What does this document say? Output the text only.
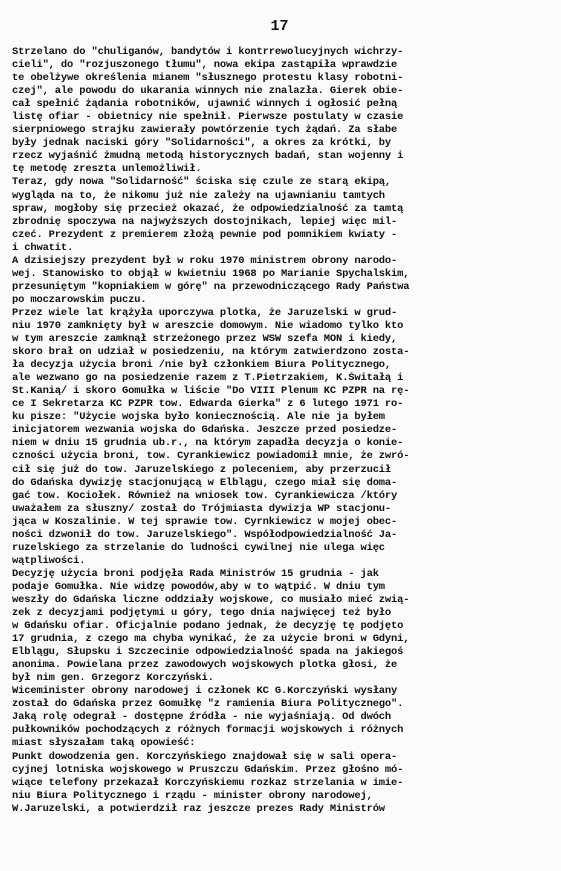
17

Strzelano do "chuliganów, bandytów i kontrrewolucyjnych wichrzy-
cieli", do "rozjuszonego tłumu", nowa ekipa zastąpiła wprawdzie
te obelżywe określenia mianem "słusznego protestu klasy robotni-
czej", ale powodu do ukarania winnych nie znalazła. Gierek obie-
cał spełnić żądania robotników, ujawnić winnych i ogłosić pełną
listę ofiar - obietnicy nie spełnił. Pierwsze postulaty w czasie
sierpniowego strajku zawierały powtórzenie tych żądań. Za słabe
były jednak naciski góry "Solidarności", a okres za krótki, by
rzecz wyjaśnić żmudną metodą historycznych badań, stan wojenny i
tę metodę zreszta unlemożliwił.

Teraz, gdy nowa "Solidarność" ściska się czule ze starą ekipą,
wygląda na to, że nikomu już nie zależy na ujawnianiu tamtych
spraw, mogłoby się przecież okazać, że odpowiedzialność za tamtą
zbrodnię spoczywa na najwyższych dostojnikach, lepiej więc mil-
czeć. Prezydent z premierem złożą pewnie pod pomnikiem kwiaty -
i chwatit.

A dzisiejszy prezydent był w roku 1970 ministrem obrony narodo-
wej. Stanowisko to objął w kwietniu 1968 po Marianie Spychalskim,
przesuniętym "kopniakiem w górę" na przewodniczącego Rady Państwa
po moczarowskim puczu.

Przez wiele lat krążyła uporczywa plotka, że Jaruzelski w grud-
niu 1970 zamknięty był w areszcie domowym. Nie wiadomo tylko kto
w tym areszcie zamknął strzeżonego przez WSW szefa MON i kiedy,
skoro brał on udział w posiedzeniu, na którym zatwierdzono zosta-
ła decyzja użycia broni /nie był członkiem Biura Politycznego,
ale wezwano go na posiedzenie razem z T.Pietrzakiem, K.Świtałą i
St.Kanią/ i skoro Gomułka w liście "Do VIII Plenum KC PZPR na rę-
ce I Sekretarza KC PZPR tow. Edwarda Gierka" z 6 lutego 1971 ro-
ku pisze: "Użycie wojska było koniecznością. Ale nie ja byłem
inicjatorem wezwania wojska do Gdańska. Jeszcze przed posiedze-
niem w dniu 15 grudnia ub.r., na którym zapadła decyzja o konie-
czności użycia broni, tow. Cyrankiewicz powiadomił mnie, że zwró-
cił się już do tow. Jaruzelskiego z poleceniem, aby przerzucił
do Gdańska dywizję stacjonującą w Elblągu, czego miał się doma-
gać tow. Kociołek. Również na wniosek tow. Cyrankiewicza /który
uważałem za słuszny/ został do Trójmiasta dywizja WP stacjonu-
jąca w Koszalinie. W tej sprawie tow. Cyrnkiewicz w mojej obec-
ności dzwonił do tow. Jaruzelskiego". Współodpowiedzialność Ja-
ruzelskiego za strzelanie do ludności cywilnej nie ulega więc
wątpliwości.

Decyzję użycia broni podjęła Rada Ministrów 15 grudnia - jak
podaje Gomułka. Nie widzę powodów,aby w to wątpić. W dniu tym
weszły do Gdańska liczne oddziały wojskowe, co musiało mieć zwią-
zek z decyzjami podjętymi u góry, tego dnia najwięcej też było
w Gdańsku ofiar. Oficjalnie podano jednak, że decyzję tę podjęto
17 grudnia, z czego ma chyba wynikać, że za użycie broni w Gdyni,
Elblągu, Słupsku i Szczecinie odpowiedzialność spada na jakiegoś
anonima. Powielana przez zawodowych wojskowych plotka głosi, że
był nim gen. Grzegorz Korczyński.

Wiceminister obrony narodowej i członek KC G.Korczyński wysłany
został do Gdańska przez Gomułkę "z ramienia Biura Politycznego".
Jaką rolę odegrał - dostępne źródła - nie wyjaśniają. Od dwóch
pułkowników pochodzących z różnych formacji wojskowych i różnych
miast słyszałam taką opowieść:

Punkt dowodzenia gen. Korczyńskiego znajdował się w sali opera-
cyjnej lotniska wojskowego w Pruszczu Gdańskim. Przez głośno mó-
wiące telefony przekazał Korczyńskiemu rozkaz strzelania w imie-
niu Biura Politycznego i rządu - minister obrony narodowej,
W.Jaruzelski, a potwierdził raz jeszcze prezes Rady Ministrów
